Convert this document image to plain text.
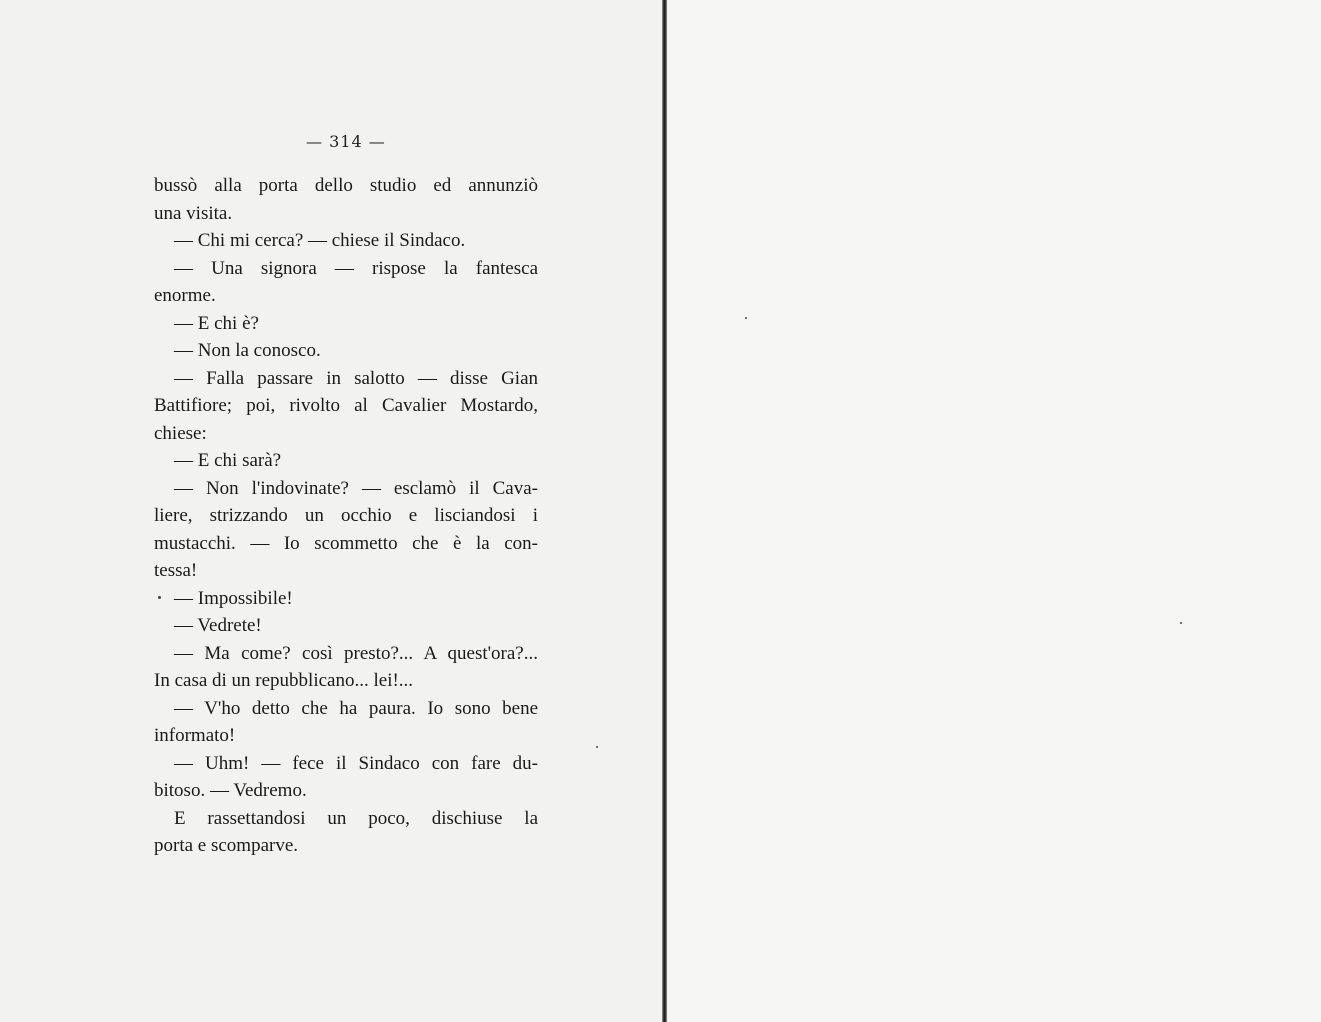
— 314 —
bussò alla porta dello studio ed annunziò
una visita.
— Chi mi cerca? — chiese il Sindaco.
— Una signora — rispose la fantesca
enorme.
— E chi è?
— Non la conosco.
— Falla passare in salotto — disse Gian
Battifiore; poi, rivolto al Cavalier Mostardo,
chiese:
— E chi sarà?
— Non l'indovinate? — esclamò il Cava-
liere, strizzando un occhio e lisciandosi i
mustacchi. — Io scommetto che è la con-
tessa!
— Impossibile!
— Vedrete!
— Ma come? così presto?... A quest'ora?...
In casa di un repubblicano... lei!...
— V'ho detto che ha paura. Io sono bene
informato!
— Uhm! — fece il Sindaco con fare du-
bitoso. — Vedremo.
E rassettandosi un poco, dischiuse la
porta e scomparve.
